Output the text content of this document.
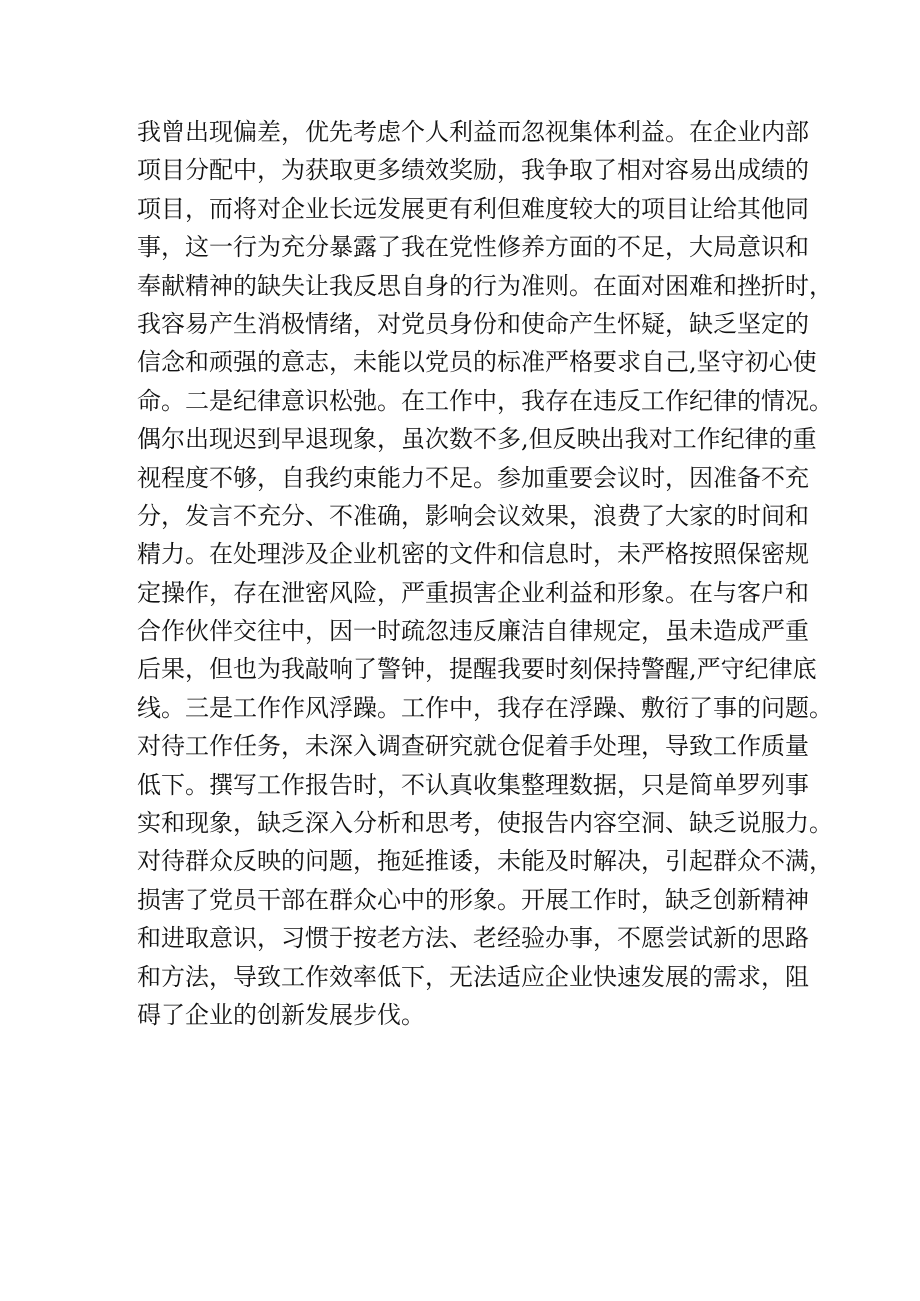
我曾出现偏差，优先考虑个人利益而忽视集体利益。在企业内部
项目分配中，为获取更多绩效奖励，我争取了相对容易出成绩的
项目，而将对企业长远发展更有利但难度较大的项目让给其他同
事，这一行为充分暴露了我在党性修养方面的不足，大局意识和
奉献精神的缺失让我反思自身的行为准则。在面对困难和挫折时，
我容易产生消极情绪，对党员身份和使命产生怀疑，缺乏坚定的
信念和顽强的意志，未能以党员的标准严格要求自己,坚守初心使
命。二是纪律意识松弛。在工作中，我存在违反工作纪律的情况。
偶尔出现迟到早退现象，虽次数不多,但反映出我对工作纪律的重
视程度不够，自我约束能力不足。参加重要会议时，因准备不充
分，发言不充分、不准确，影响会议效果，浪费了大家的时间和
精力。在处理涉及企业机密的文件和信息时，未严格按照保密规
定操作，存在泄密风险，严重损害企业利益和形象。在与客户和
合作伙伴交往中，因一时疏忽违反廉洁自律规定，虽未造成严重
后果，但也为我敲响了警钟，提醒我要时刻保持警醒,严守纪律底
线。三是工作作风浮躁。工作中，我存在浮躁、敷衍了事的问题。
对待工作任务，未深入调查研究就仓促着手处理，导致工作质量
低下。撰写工作报告时，不认真收集整理数据，只是简单罗列事
实和现象，缺乏深入分析和思考，使报告内容空洞、缺乏说服力。
对待群众反映的问题，拖延推诿，未能及时解决，引起群众不满，
损害了党员干部在群众心中的形象。开展工作时，缺乏创新精神
和进取意识，习惯于按老方法、老经验办事，不愿尝试新的思路
和方法，导致工作效率低下，无法适应企业快速发展的需求，阻
碍了企业的创新发展步伐。
